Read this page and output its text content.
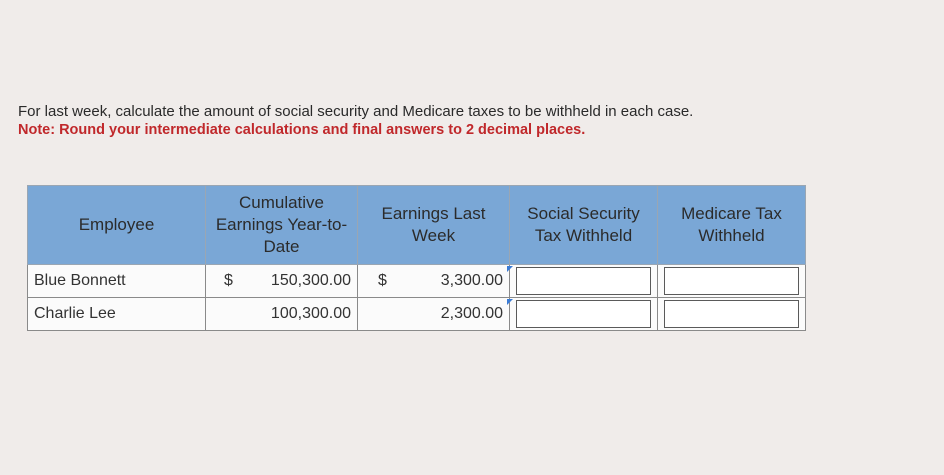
For last week, calculate the amount of social security and Medicare taxes to be withheld in each case.
Note: Round your intermediate calculations and final answers to 2 decimal places.
Employee	Cumulative Earnings Year-to-Date	Earnings Last Week	Social Security Tax Withheld	Medicare Tax Withheld
Blue Bonnett	$ 150,300.00	$ 3,300.00

Charlie Lee	100,300.00	2,300.00
